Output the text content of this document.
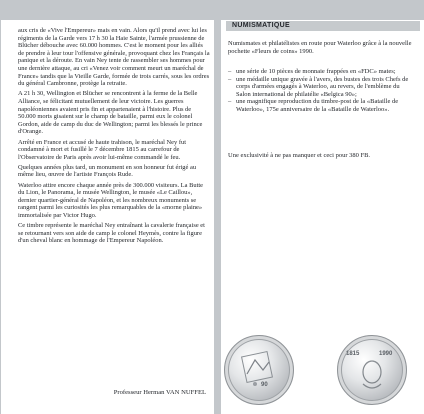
aux cris de «Vive l'Empereur» mais en vain. Alors qu'il prend avec lui les régiments de la Garde vers 17 h 30 la Haie Sainte, l'armée prussienne de Blücher débouche avec 60.000 hommes. C'est le moment pour les alliés de prendre à leur tour l'offensive générale, provoquant chez les Français la panique et la déroute. En vain Ney tente de rassembler ses hommes pour une dernière attaque, au cri «Venez voir comment meurt un maréchal de France» tandis que la Vieille Garde, formée de trois carrés, sous les ordres du général Cambronne, protège la retraite.

A 21 h 30, Wellington et Blücher se rencontrent à la ferme de la Belle Alliance, se félicitant mutuellement de leur victoire. Les guerres napoléoniennes avaient pris fin et appartenaient à l'histoire. Plus de 50.000 morts gisaient sur le champ de bataille, parmi eux le colonel Gordon, aide de camp du duc de Wellington; parmi les blessés le prince d'Orange.

Arrêté en France et accusé de haute trahison, le maréchal Ney fut condamné à mort et fusillé le 7 décembre 1815 au carrefour de l'Observatoire de Paris après avoir lui-même commandé le feu.

Quelques années plus tard, un monument en son honneur fut érigé au même lieu, œuvre de l'artiste François Rude.

Waterloo attire encore chaque année près de 300.000 visiteurs. La Butte du Lion, le Panorama, le musée Wellington, le musée «Le Caillou», dernier quartier-général de Napoléon, et les nombreux monuments se rangent parmi les curiosités les plus remarquables de la «morne plaine» immortalisée par Victor Hugo.

Ce timbre représente le maréchal Ney entraînant la cavalerie française et se retournant vers son aide de camp le colonel Heymès, contre la figure d'un cheval blanc en hommage de l'Empereur Napoléon.

Professeur Herman VAN NUFFEL
NUMISMATIQUE

Numismates et philatélistes en route pour Waterloo grâce à la nouvelle pochette «Fleurs de coins» 1990.

– une série de 10 pièces de monnaie frappées en «FDC» mates;
– une médaille unique gravée à l'avers, des bustes des trois Chefs de corps d'armées engagés à Waterloo, au revers, de l'emblème du Salon international de philatélie «Belgica 90»;
– une magnifique reproduction du timbre-post de la «Bataille de Waterloo», 175e anniversaire de la «Bataille de Waterloo».

Une exclusivité à ne pas manquer et ceci pour 380 FB.

90
1815	1990
